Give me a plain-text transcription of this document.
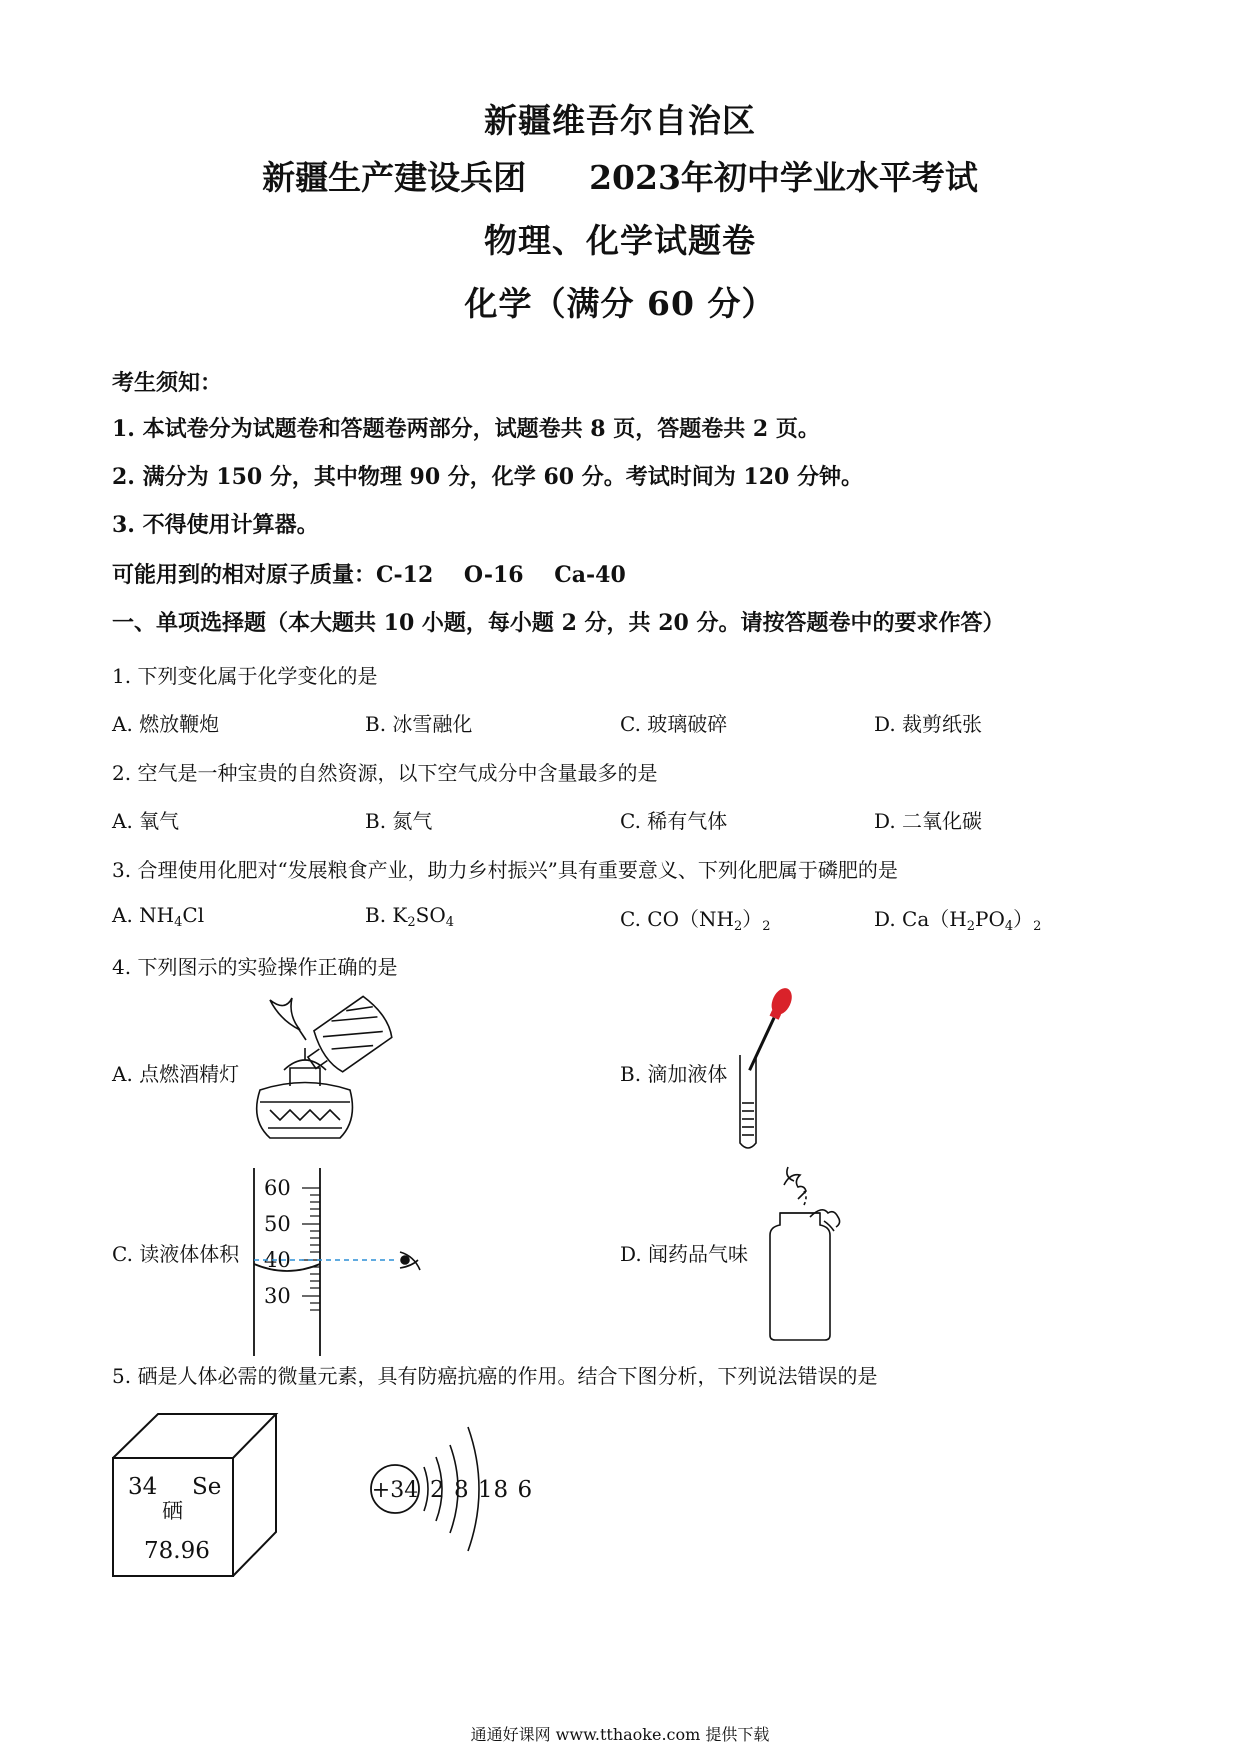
新疆维吾尔自治区
新疆生产建设兵团 2023年初中学业水平考试
物理、化学试题卷
化学（满分 60 分）
考生须知：
1. 本试卷分为试题卷和答题卷两部分，试题卷共 8 页，答题卷共 2 页。
2. 满分为 150 分，其中物理 90 分，化学 60 分。考试时间为 120 分钟。
3. 不得使用计算器。
可能用到的相对原子质量：C-12    O-16    Ca-40
一、单项选择题（本大题共 10 小题，每小题 2 分，共 20 分。请按答题卷中的要求作答）
1. 下列变化属于化学变化的是
A. 燃放鞭炮	B. 冰雪融化	C. 玻璃破碎	D. 裁剪纸张
2. 空气是一种宝贵的自然资源，以下空气成分中含量最多的是
A. 氧气	B. 氮气	C. 稀有气体	D. 二氧化碳
3. 合理使用化肥对“发展粮食产业，助力乡村振兴”具有重要意义、下列化肥属于磷肥的是
A. $NH_4Cl$	B. $K_2SO_4$	C. $CO(NH_2)_2$	D. $Ca(H_2PO_4)_2$
4. 下列图示的实验操作正确的是
A. 点燃酒精灯	B. 滴加液体
C. 读液体体积	D. 闻药品气味
60
50
40
30
5. 硒是人体必需的微量元素，具有防癌抗癌的作用。结合下图分析，下列说法错误的是
34 Se
硒
78.96
+34 2 8 18 6
通通好课网 www.tthaoke.com 提供下载
